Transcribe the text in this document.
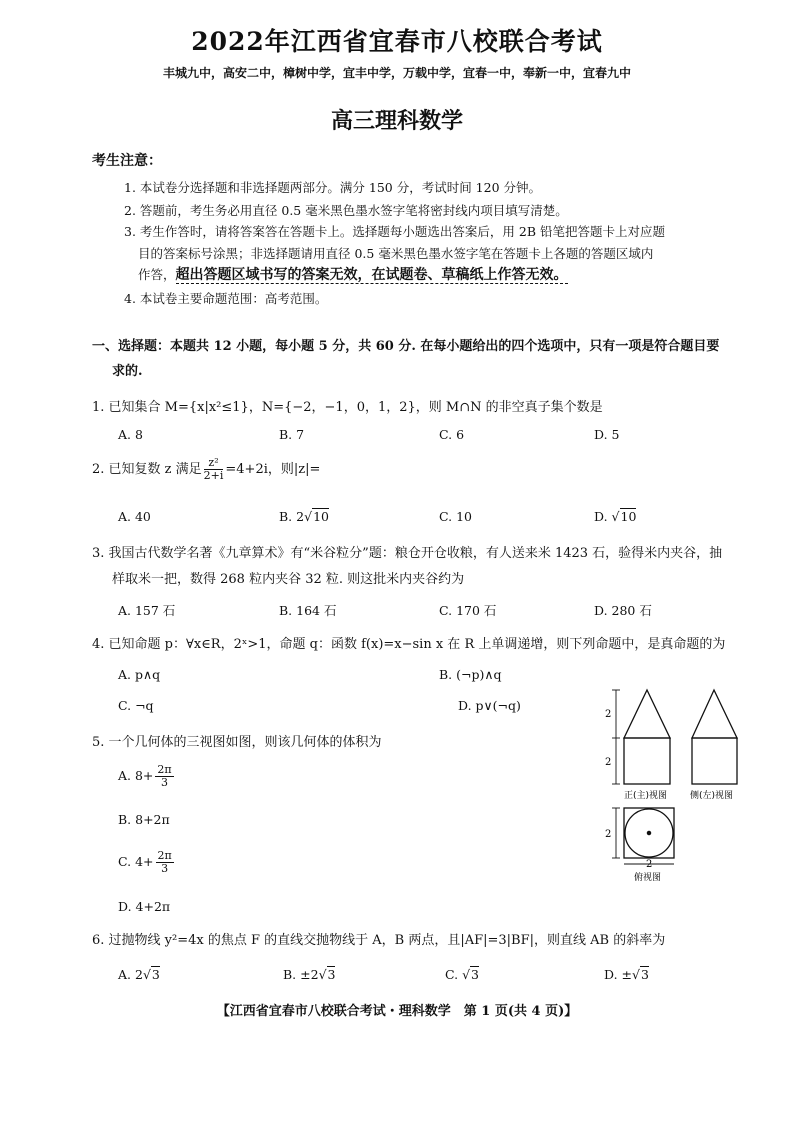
2022年江西省宜春市八校联合考试
丰城九中，高安二中，樟树中学，宜丰中学，万载中学，宜春一中，奉新一中，宜春九中
高三理科数学
考生注意：
1. 本试卷分选择题和非选择题两部分。满分 150 分，考试时间 120 分钟。
2. 答题前，考生务必用直径 0.5 毫米黑色墨水签字笔将密封线内项目填写清楚。
3. 考生作答时，请将答案答在答题卡上。选择题每小题选出答案后，用 2B 铅笔把答题卡上对应题
目的答案标号涂黑；非选择题请用直径 0.5 毫米黑色墨水签字笔在答题卡上各题的答题区域内
作答，超出答题区域书写的答案无效，在试题卷、草稿纸上作答无效。
4. 本试卷主要命题范围：高考范围。
一、选择题：本题共 12 小题，每小题 5 分，共 60 分. 在每小题给出的四个选项中，只有一项是符合题目要
求的.
1. 已知集合 M={x|x²≤1}，N={−2，−1，0，1，2}，则 M∩N 的非空真子集个数是
A. 8	B. 7	C. 6	D. 5
2. 已知复数 z 满足 $\frac{\text{z²}}{2+i} =4+2i$，则|z|=
A. 40	B. 2√10	C. 10	D. √10
3. 我国古代数学名著《九章算术》有“米谷粒分”题：粮仓开仓收粮，有人送来米 1423 石，验得米内夹谷，抽
样取米一把，数得 268 粒内夹谷 32 粒. 则这批米内夹谷约为
A. 157 石	B. 164 石	C. 170 石	D. 280 石
4. 已知命题 p：∀x∈R，2ˣ>1，命题 q：函数 f(x)=x−sin x 在 R 上单调递增，则下列命题中，是真命题的为
A. p∧q	B. (¬p)∧q
C. ¬q	D. p∨(¬q)
5. 一个几何体的三视图如图，则该几何体的体积为
A. $8+ \frac{2\pi}{3}$
B. 8+2π
C. $4+ \frac{2\pi}{3}$
D. 4+2π
2
2
2
2
正(主)视图	侧(左)视图
俯视图
6. 过抛物线 y²=4x 的焦点 F 的直线交抛物线于 A，B 两点，且|AF|=3|BF|，则直线 AB 的斜率为
A. 2√3	B. ±2√3	C. √3	D. ±√3
【江西省宜春市八校联合考试・理科数学　第 1 页(共 4 页)】
